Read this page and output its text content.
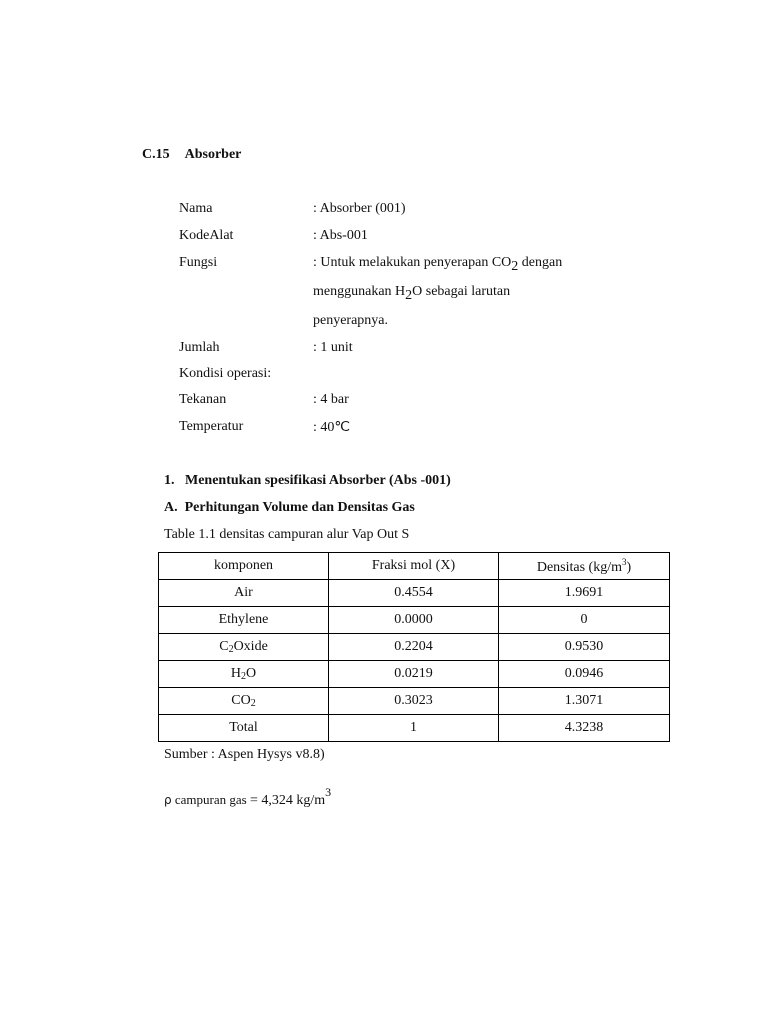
C.15 Absorber
Nama	: Absorber (001)
KodeAlat	: Abs-001
Fungsi	: Untuk melakukan penyerapan $CO_2$ dengan
menggunakan $H_2O$ sebagai larutan
penyerapnya.
Jumlah	: 1 unit
Kondisi operasi:
Tekanan	: 4 bar
Temperatur	: 40℃
1.   Menentukan spesifikasi Absorber (Abs -001)
A.  Perhitungan Volume dan Densitas Gas
Table 1.1 densitas campuran alur Vap Out S
komponen	Fraksi mol (X)	Densitas $(kg/m^3)$
Air	0.4554	1.9691
Ethylene	0.0000	0
$C_2Oxide$	0.2204	0.9530
$H_2O$	0.0219	0.0946
$CO_2$	0.3023	1.3071
Total	1	4.3238
Sumber : Aspen Hysys v8.8)
ρ campuran gas = 4,324 $kg/m^3$
